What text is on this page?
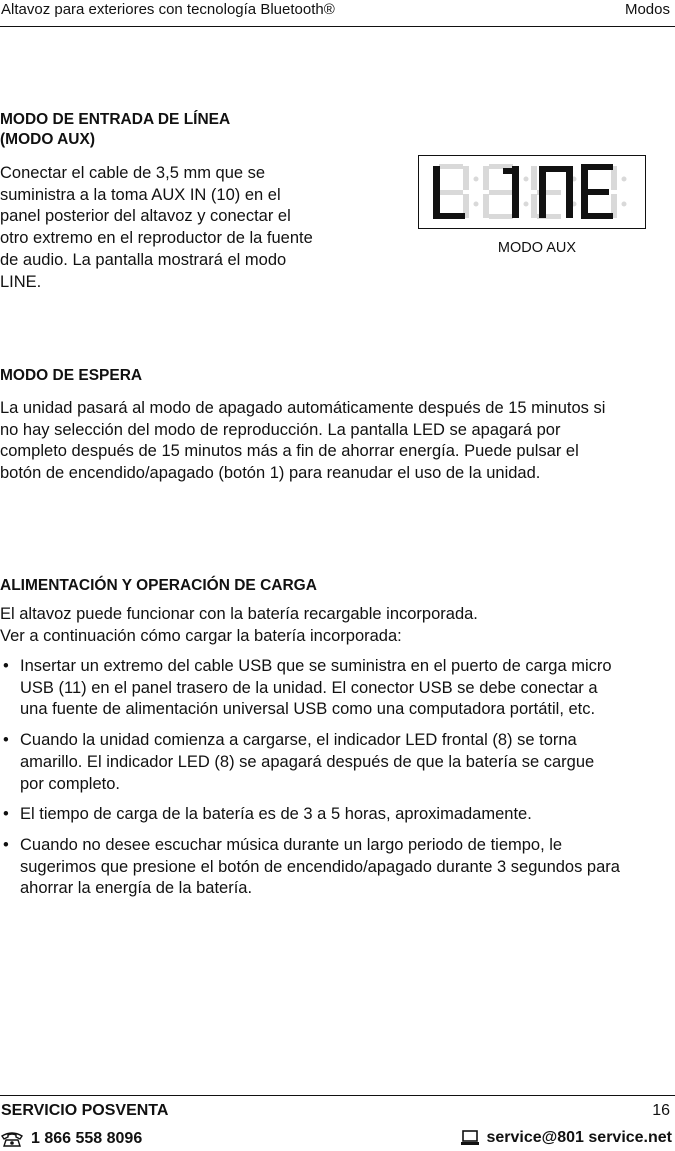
Altavoz para exteriores con tecnología Bluetooth®	Modos
MODO DE ENTRADA DE LÍNEA
(MODO AUX)

Conectar el cable de 3,5 mm que se suministra a la toma AUX IN (10) en el panel posterior del altavoz y conectar el otro extremo en el reproductor de la fuente de audio. La pantalla mostrará el modo LINE.

MODO AUX
MODO DE ESPERA

La unidad pasará al modo de apagado automáticamente después de 15 minutos si no hay selección del modo de reproducción. La pantalla LED se apagará por completo después de 15 minutos más a fin de ahorrar energía. Puede pulsar el botón de encendido/apagado (botón 1) para reanudar el uso de la unidad.

ALIMENTACIÓN Y OPERACIÓN DE CARGA
El altavoz puede funcionar con la batería recargable incorporada.
Ver a continuación cómo cargar la batería incorporada:
• Insertar un extremo del cable USB que se suministra en el puerto de carga micro USB (11) en el panel trasero de la unidad. El conector USB se debe conectar a una fuente de alimentación universal USB como una computadora portátil, etc.
• Cuando la unidad comienza a cargarse, el indicador LED frontal (8) se torna amarillo. El indicador LED (8) se apagará después de que la batería se cargue por completo.
• El tiempo de carga de la batería es de 3 a 5 horas, aproximadamente.
• Cuando no desee escuchar música durante un largo periodo de tiempo, le sugerimos que presione el botón de encendido/apagado durante 3 segundos para ahorrar la energía de la batería.
SERVICIO POSVENTA	16
1 866 558 8096	service@801 service.net
